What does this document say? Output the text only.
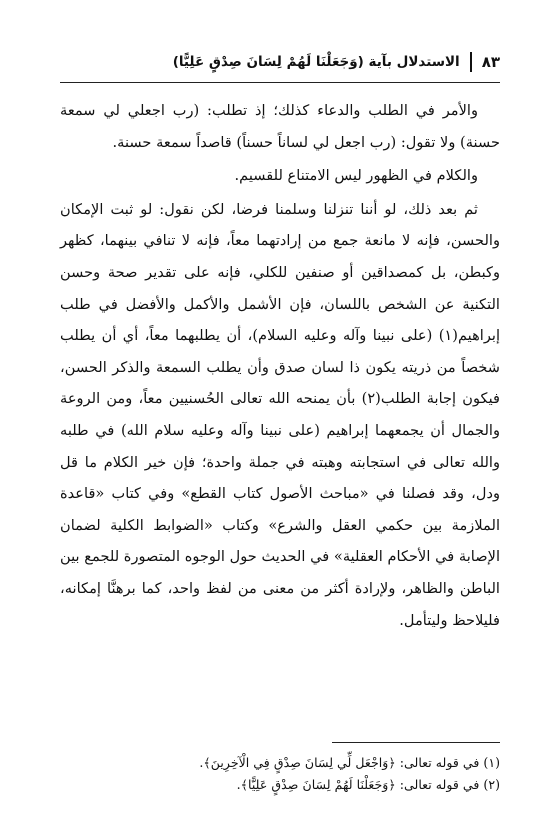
٨٣
الاستدلال بآية (وَجَعَلْنَا لَهُمْ لِسَانَ صِدْقٍ عَلِيًّا)

والأمر في الطلب والدعاء كذلك؛ إذ تطلب: (رب اجعلي لي سمعة حسنة) ولا تقول: (رب اجعل لي لساناً حسناً) قاصداً سمعة حسنة.

والكلام في الظهور ليس الامتناع للقسيم.

ثم بعد ذلك، لو أننا تنزلنا وسلمنا فرضا، لكن نقول: لو ثبت الإمكان والحسن، فإنه لا مانعة جمع من إرادتهما معاً، فإنه لا تنافي بينهما، كظهر وكبطن، بل كمصداقين أو صنفين للكلي، فإنه على تقدير صحة وحسن التكنية عن الشخص باللسان، فإن الأشمل والأكمل والأفضل في طلب إبراهيم(١) (على نبينا وآله وعليه السلام)، أن يطلبهما معاً، أي أن يطلب شخصاً من ذريته يكون ذا لسان صدق وأن يطلب السمعة والذكر الحسن، فيكون إجابة الطلب(٢) بأن يمنحه الله تعالى الحُسنيين معاً، ومن الروعة والجمال أن يجمعهما إبراهيم (على نبينا وآله وعليه سلام الله) في طلبه والله تعالى في استجابته وهبته في جملة واحدة؛ فإن خير الكلام ما قل ودل، وقد فصلنا في «مباحث الأصول كتاب القطع» وفي كتاب «قاعدة الملازمة بين حكمي العقل والشرع» وكتاب «الضوابط الكلية لضمان الإصابة في الأحكام العقلية» في الحديث حول الوجوه المتصورة للجمع بين الباطن والظاهر، ولإرادة أكثر من معنى من لفظ واحد، كما برهنَّا إمكانه، فليلاحظ وليتأمل.

(١) في قوله تعالى: ﴿وَاجْعَل لِّي لِسَانَ صِدْقٍ فِي الْآخِرِينَ﴾.

(٢) في قوله تعالى: ﴿وَجَعَلْنَا لَهُمْ لِسَانَ صِدْقٍ عَلِيًّا﴾.
